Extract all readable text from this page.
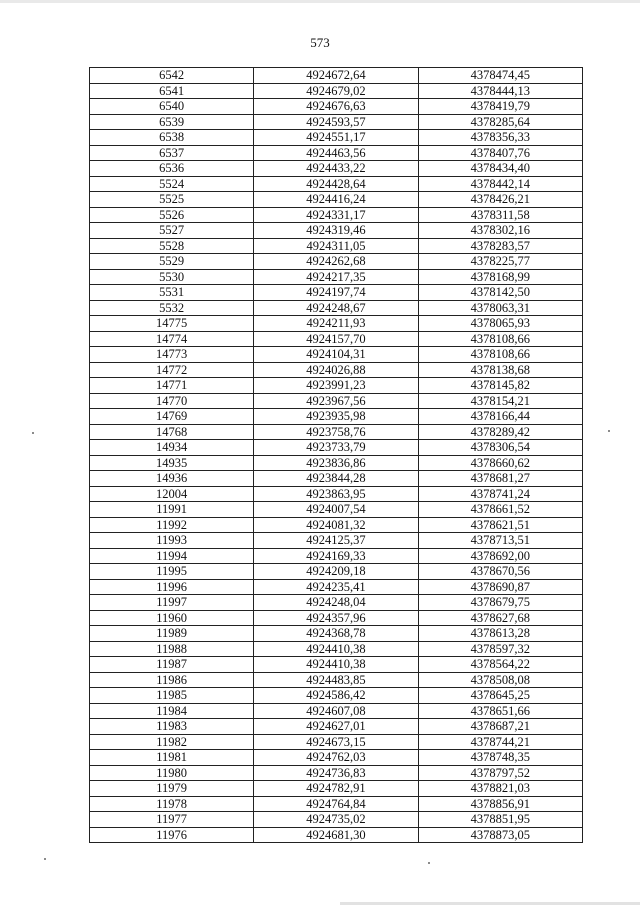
573
6542	4924672,64	4378474,45
6541	4924679,02	4378444,13
6540	4924676,63	4378419,79
6539	4924593,57	4378285,64
6538	4924551,17	4378356,33
6537	4924463,56	4378407,76
6536	4924433,22	4378434,40
5524	4924428,64	4378442,14
5525	4924416,24	4378426,21
5526	4924331,17	4378311,58
5527	4924319,46	4378302,16
5528	4924311,05	4378283,57
5529	4924262,68	4378225,77
5530	4924217,35	4378168,99
5531	4924197,74	4378142,50
5532	4924248,67	4378063,31
14775	4924211,93	4378065,93
14774	4924157,70	4378108,66
14773	4924104,31	4378108,66
14772	4924026,88	4378138,68
14771	4923991,23	4378145,82
14770	4923967,56	4378154,21
14769	4923935,98	4378166,44
14768	4923758,76	4378289,42
14934	4923733,79	4378306,54
14935	4923836,86	4378660,62
14936	4923844,28	4378681,27
12004	4923863,95	4378741,24
11991	4924007,54	4378661,52
11992	4924081,32	4378621,51
11993	4924125,37	4378713,51
11994	4924169,33	4378692,00
11995	4924209,18	4378670,56
11996	4924235,41	4378690,87
11997	4924248,04	4378679,75
11960	4924357,96	4378627,68
11989	4924368,78	4378613,28
11988	4924410,38	4378597,32
11987	4924410,38	4378564,22
11986	4924483,85	4378508,08
11985	4924586,42	4378645,25
11984	4924607,08	4378651,66
11983	4924627,01	4378687,21
11982	4924673,15	4378744,21
11981	4924762,03	4378748,35
11980	4924736,83	4378797,52
11979	4924782,91	4378821,03
11978	4924764,84	4378856,91
11977	4924735,02	4378851,95
11976	4924681,30	4378873,05
